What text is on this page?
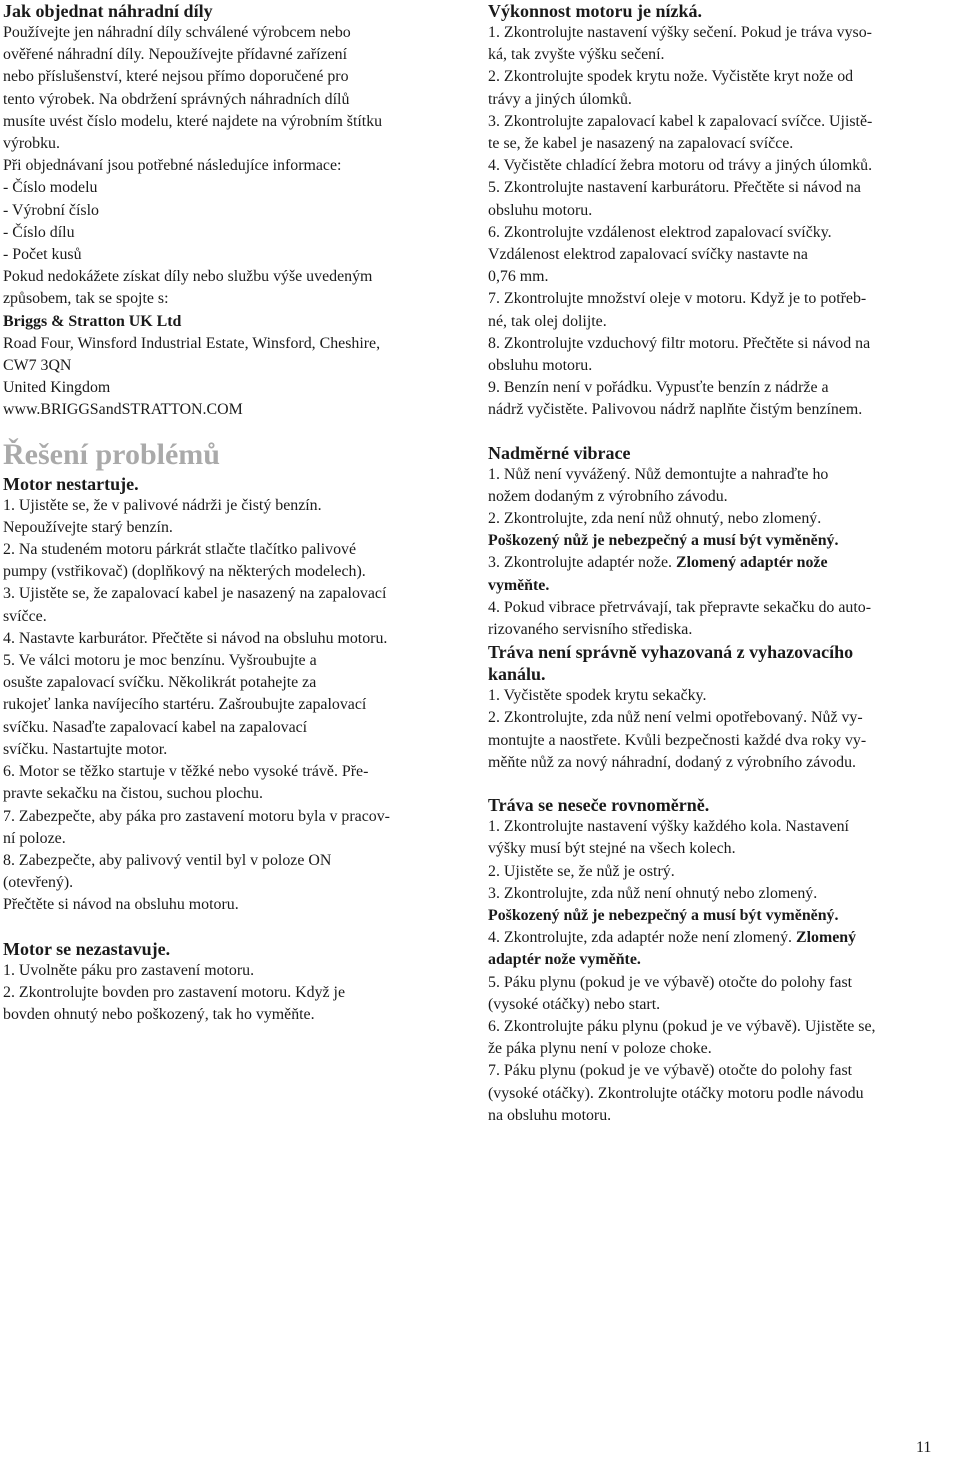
Jak objednat náhradní díly

Používejte jen náhradní díly schválené výrobcem nebo
ověřené náhradní díly. Nepoužívejte přídavné zařízení
nebo příslušenství, které nejsou přímo doporučené pro
tento výrobek. Na obdržení správných náhradních dílů
musíte uvést číslo modelu, které najdete na výrobním štítku
výrobku.

Při objednávaní jsou potřebné následujíce informace:

- Číslo modelu
- Výrobní číslo
- Číslo dílu
- Počet kusů
Pokud nedokážete získat díly nebo službu výše uvedeným
způsobem, tak se spojte s:

Briggs & Stratton UK Ltd

Road Four, Winsford Industrial Estate, Winsford, Cheshire,
CW7 3QN
United Kingdom

www.BRIGGSandSTRATTON.COM

Řešení problémů

Motor nestartuje.

1. Ujistěte se, že v palivové nádrži je čistý benzín.
Nepoužívejte starý benzín.
2. Na studeném motoru párkrát stlačte tlačítko palivové
pumpy (vstřikovač) (doplňkový na některých modelech).
3. Ujistěte se, že zapalovací kabel je nasazený na zapalovací
svíčce.
4. Nastavte karburátor. Přečtěte si návod na obsluhu motoru.
5. Ve válci motoru je moc benzínu. Vyšroubujte a
osušte zapalovací svíčku. Několikrát potahejte za
rukojeť lanka navíjecího startéru. Zašroubujte zapalovací
svíčku. Nasaďte zapalovací kabel na zapalovací
svíčku. Nastartujte motor.
6. Motor se těžko startuje v těžké nebo vysoké trávě. Pře-
pravte sekačku na čistou, suchou plochu.
7. Zabezpečte, aby páka pro zastavení motoru byla v pracov-
ní poloze.
8. Zabezpečte, aby palivový ventil byl v poloze ON
(otevřený).
Přečtěte si návod na obsluhu motoru.

Motor se nezastavuje.

1. Uvolněte páku pro zastavení motoru.
2. Zkontrolujte bovden pro zastavení motoru. Když je
bovden ohnutý nebo poškozený, tak ho vyměňte.

Výkonnost motoru je nízká.

1. Zkontrolujte nastavení výšky sečení. Pokud je tráva vyso-
ká, tak zvyšte výšku sečení.
2. Zkontrolujte spodek krytu nože. Vyčistěte kryt nože od
trávy a jiných úlomků.
3. Zkontrolujte zapalovací kabel k zapalovací svíčce. Ujistě-
te se, že kabel je nasazený na zapalovací svíčce.
4. Vyčistěte chladící žebra motoru od trávy a jiných úlomků.
5. Zkontrolujte nastavení karburátoru. Přečtěte si návod na
obsluhu motoru.
6. Zkontrolujte vzdálenost elektrod zapalovací svíčky.
Vzdálenost elektrod zapalovací svíčky nastavte na
0,76 mm.
7. Zkontrolujte množství oleje v motoru. Když je to potřeb-
né, tak olej dolijte.
8. Zkontrolujte vzduchový filtr motoru. Přečtěte si návod na
obsluhu motoru.
9. Benzín není v pořádku. Vypusťte benzín z nádrže a
nádrž vyčistěte. Palivovou nádrž naplňte čistým benzínem.

Nadměrné vibrace

1. Nůž není vyvážený. Nůž demontujte a nahraďte ho
nožem dodaným z výrobního závodu.
2. Zkontrolujte, zda není nůž ohnutý, nebo zlomený.

Poškozený nůž je nebezpečný a musí být vyměněný.

3. Zkontrolujte adaptér nože. Zlomený adaptér nože

vyměňte.

4. Pokud vibrace přetrvávají, tak přepravte sekačku do auto-
rizovaného servisního střediska.
Tráva není správně vyhazovaná z vyhazovacího
kanálu.
1. Vyčistěte spodek krytu sekačky.
2. Zkontrolujte, zda nůž není velmi opotřebovaný. Nůž vy-
montujte a naostřete. Kvůli bezpečnosti každé dva roky vy-
měňte nůž za nový náhradní, dodaný z výrobního závodu.

Tráva se neseče rovnoměrně.

1. Zkontrolujte nastavení výšky každého kola. Nastavení
výšky musí být stejné na všech kolech.
2. Ujistěte se, že nůž je ostrý.
3. Zkontrolujte, zda nůž není ohnutý nebo zlomený.

Poškozený nůž je nebezpečný a musí být vyměněný.

4. Zkontrolujte, zda adaptér nože není zlomený. Zlomený

adaptér nože vyměňte.

5. Páku plynu (pokud je ve výbavě) otočte do polohy fast
(vysoké otáčky) nebo start.
6. Zkontrolujte páku plynu (pokud je ve výbavě). Ujistěte se,
že páka plynu není v poloze choke.
7. Páku plynu (pokud je ve výbavě) otočte do polohy fast
(vysoké otáčky). Zkontrolujte otáčky motoru podle návodu
na obsluhu motoru.
11
